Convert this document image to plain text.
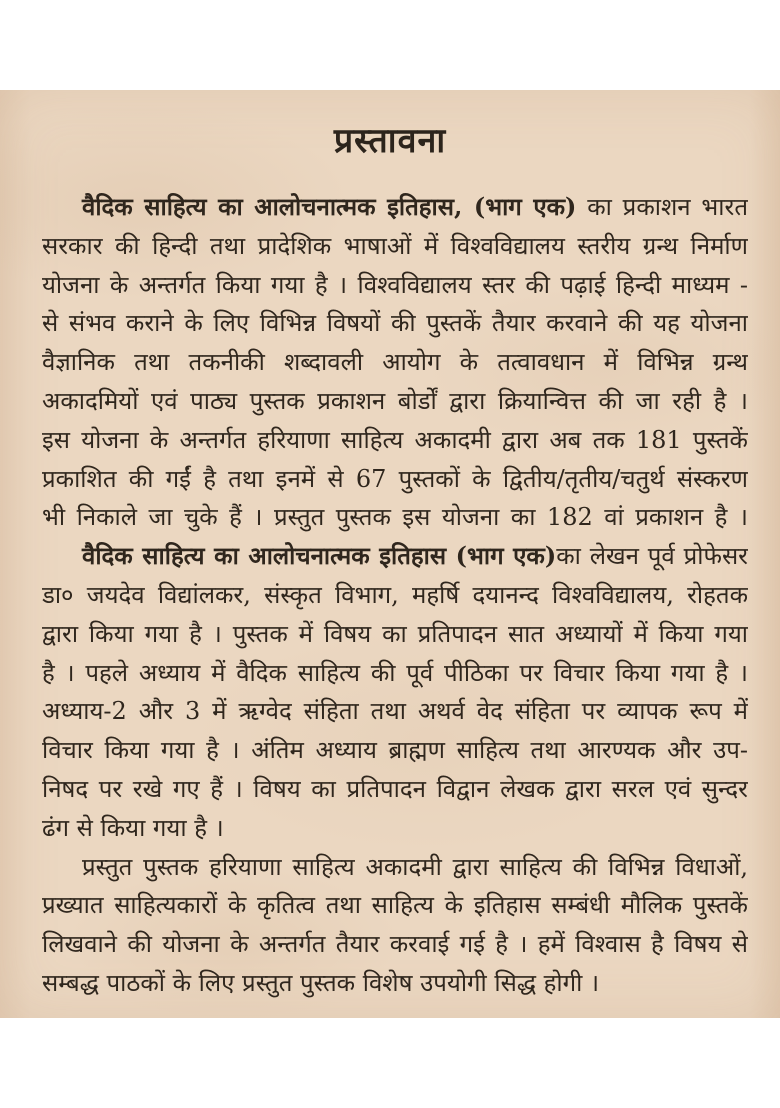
प्रस्तावना
वैदिक साहित्य का आलोचनात्मक इतिहास, (भाग एक) का प्रकाशन भारत
सरकार की हिन्दी तथा प्रादेशिक भाषाओं में विश्वविद्यालय स्तरीय ग्रन्थ निर्माण
योजना के अन्तर्गत किया गया है । विश्वविद्यालय स्तर की पढ़ाई हिन्दी माध्यम -
से संभव कराने के लिए विभिन्न विषयों की पुस्तकें तैयार करवाने की यह योजना
वैज्ञानिक तथा तकनीकी शब्दावली आयोग के तत्वावधान में विभिन्न ग्रन्थ
अकादमियों एवं पाठ्य पुस्तक प्रकाशन बोर्डों द्वारा क्रियान्वित्त की जा रही है ।
इस योजना के अन्तर्गत हरियाणा साहित्य अकादमी द्वारा अब तक 181 पुस्तकें
प्रकाशित की गईं है तथा इनमें से 67 पुस्तकों के द्वितीय/तृतीय/चतुर्थ संस्करण
भी निकाले जा चुके हैं । प्रस्तुत पुस्तक इस योजना का 182 वां प्रकाशन है ।
वैदिक साहित्य का आलोचनात्मक इतिहास (भाग एक)का लेखन पूर्व प्रोफेसर
डा० जयदेव विद्यांलकर, संस्कृत विभाग, महर्षि दयानन्द विश्वविद्यालय, रोहतक
द्वारा किया गया है । पुस्तक में विषय का प्रतिपादन सात अध्यायों में किया गया
है । पहले अध्याय में वैदिक साहित्य की पूर्व पीठिका पर विचार किया गया है ।
अध्याय-2 और 3 में ऋग्वेद संहिता तथा अथर्व वेद संहिता पर व्यापक रूप में
विचार किया गया है । अंतिम अध्याय ब्राह्मण साहित्य तथा आरण्यक और उप-
निषद पर रखे गए हैं । विषय का प्रतिपादन विद्वान लेखक द्वारा सरल एवं सुन्दर
ढंग से किया गया है ।
प्रस्तुत पुस्तक हरियाणा साहित्य अकादमी द्वारा साहित्य की विभिन्न विधाओं,
प्रख्यात साहित्यकारों के कृतित्व तथा साहित्य के इतिहास सम्बंधी मौलिक पुस्तकें
लिखवाने की योजना के अन्तर्गत तैयार करवाई गई है । हमें विश्वास है विषय से
सम्बद्ध पाठकों के लिए प्रस्तुत पुस्तक विशेष उपयोगी सिद्ध होगी ।
